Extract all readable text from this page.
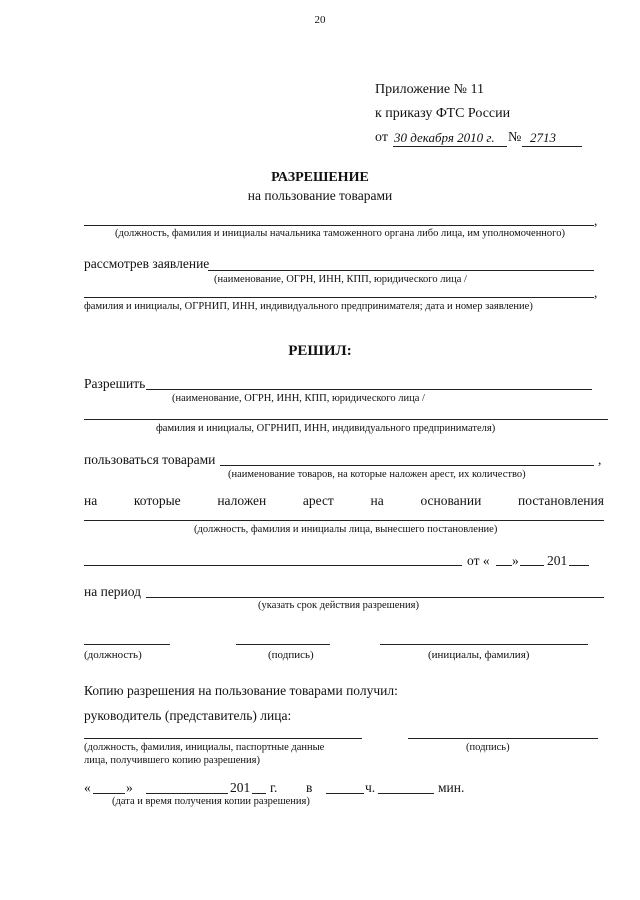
20
Приложение № 11
к приказу ФТС России
от 30 декабря 2010 г. № 2713
РАЗРЕШЕНИЕ
на пользование товарами
,
(должность, фамилия и инициалы начальника таможенного органа либо лица, им уполномоченного)
рассмотрев заявление
(наименование, ОГРН, ИНН, КПП, юридического лица /
,
фамилия и инициалы, ОГРНИП, ИНН, индивидуального предпринимателя; дата и номер заявление)
РЕШИЛ:
Разрешить
(наименование, ОГРН, ИНН, КПП, юридического лица /
фамилия и инициалы, ОГРНИП, ИНН, индивидуального предпринимателя)
пользоваться товарами	,
(наименование товаров, на которые наложен арест, их количество)
на	которые	наложен	арест	на	основании	постановления
(должность, фамилия и инициалы лица, вынесшего постановление)
от « » 201
на период
(указать срок действия разрешения)
(должность)	(подпись)	(инициалы, фамилия)
Копию разрешения на пользование товарами получил:
руководитель (представитель) лица:
(должность, фамилия, инициалы, паспортные данные
лица, получившего копию разрешения)
(подпись)
«	»	201 г. в	ч.	мин.
(дата и время получения копии разрешения)
